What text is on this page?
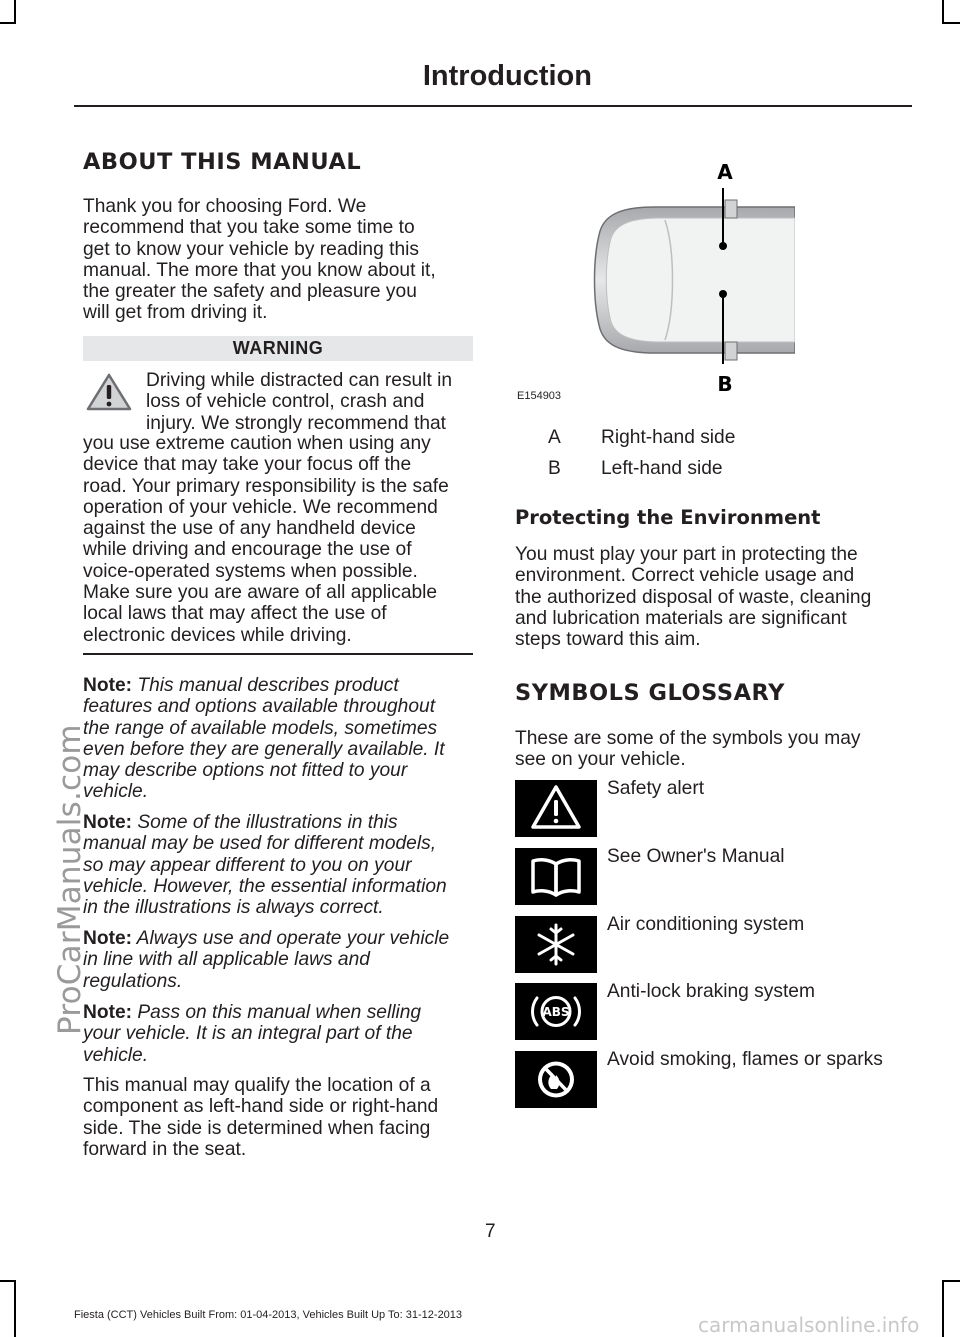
ProCarManuals.com
Introduction
ABOUT THIS MANUAL
Thank you for choosing Ford. We
recommend that you take some time to
get to know your vehicle by reading this
manual. The more that you know about it,
the greater the safety and pleasure you
will get from driving it.
WARNING
Driving while distracted can result in
loss of vehicle control, crash and
injury. We strongly recommend that
you use extreme caution when using any
device that may take your focus off the
road. Your primary responsibility is the safe
operation of your vehicle. We recommend
against the use of any handheld device
while driving and encourage the use of
voice-operated systems when possible.
Make sure you are aware of all applicable
local laws that may affect the use of
electronic devices while driving.
Note: This manual describes product
features and options available throughout
the range of available models, sometimes
even before they are generally available. It
may describe options not fitted to your
vehicle.
Note: Some of the illustrations in this
manual may be used for different models,
so may appear different to you on your
vehicle. However, the essential information
in the illustrations is always correct.
Note: Always use and operate your vehicle
in line with all applicable laws and
regulations.
Note: Pass on this manual when selling
your vehicle. It is an integral part of the
vehicle.
This manual may qualify the location of a
component as left-hand side or right-hand
side. The side is determined when facing
forward in the seat.
A
B
E154903
A	Right-hand side
B	Left-hand side
Protecting the Environment
You must play your part in protecting the
environment. Correct vehicle usage and
the authorized disposal of waste, cleaning
and lubrication materials are significant
steps toward this aim.
SYMBOLS GLOSSARY
These are some of the symbols you may
see on your vehicle.
Safety alert
See Owner's Manual
Air conditioning system
ABS
Anti-lock braking system
Avoid smoking, flames or sparks
7
Fiesta (CCT) Vehicles Built From: 01-04-2013, Vehicles Built Up To: 31-12-2013	carmanualsonline.info
